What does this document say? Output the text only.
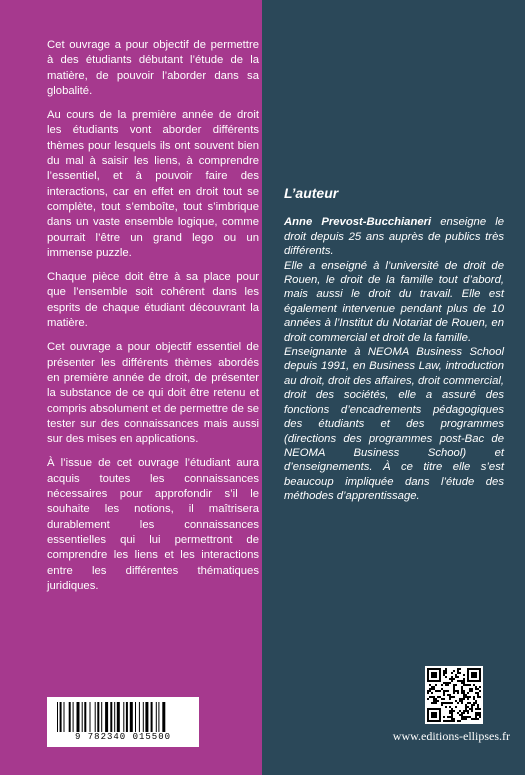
Cet ouvrage a pour objectif de permettre à des étudiants débutant l’étude de la matière, de pouvoir l’aborder dans sa globalité.

Au cours de la première année de droit les étudiants vont aborder différents thèmes pour lesquels ils ont souvent bien du mal à saisir les liens, à comprendre l’essentiel, et à pouvoir faire des interactions, car en effet en droit tout se complète, tout s’emboîte, tout s’imbrique dans un vaste ensemble logique, comme pourrait l’être un grand lego ou un immense puzzle.

Chaque pièce doit être à sa place pour que l’ensemble soit cohérent dans les esprits de chaque étudiant découvrant la matière.

Cet ouvrage a pour objectif essentiel de présenter les différents thèmes abordés en première année de droit, de présenter la substance de ce qui doit être retenu et compris absolument et de permettre de se tester sur des connaissances mais aussi sur des mises en applications.

À l’issue de cet ouvrage l’étudiant aura acquis toutes les connaissances nécessaires pour approfondir s’il le souhaite les notions, il maîtrisera durablement les connaissances essentielles qui lui permettront de comprendre les liens et les interactions entre les différentes thématiques juridiques.

L’auteur

Anne Prevost-Bucchianeri enseigne le droit depuis 25 ans auprès de publics très différents.

Elle a enseigné à l’université de droit de Rouen, le droit de la famille tout d’abord, mais aussi le droit du travail. Elle est également intervenue pendant plus de 10 années à l’Institut du Notariat de Rouen, en droit commercial et droit de la famille.

Enseignante à NEOMA Business School depuis 1991, en Business Law, introduction au droit, droit des affaires, droit commercial, droit des sociétés, elle a assuré des fonctions d’encadrements pédagogiques des étudiants et des programmes (directions des programmes post-Bac de NEOMA Business School) et d’enseignements. À ce titre elle s’est beaucoup impliquée dans l’étude des méthodes d’apprentissage.

9 782340 015500	www.editions-ellipses.fr
